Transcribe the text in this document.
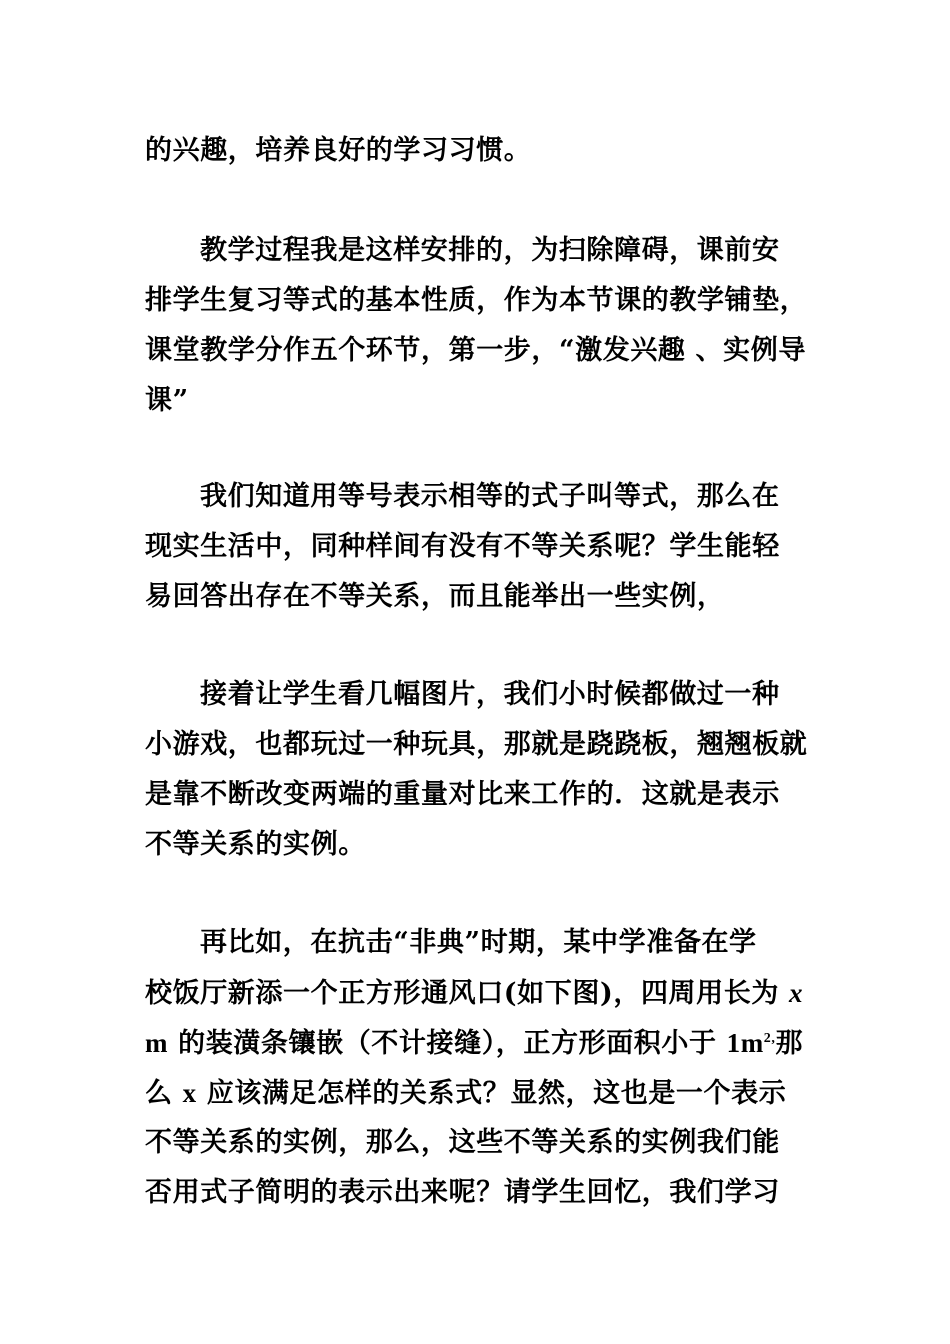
的兴趣，培养良好的学习习惯。
教学过程我是这样安排的，为扫除障碍，课前安
排学生复习等式的基本性质，作为本节课的教学铺垫，
课堂教学分作五个环节，第一步，“激发兴趣 、实例导
课”
我们知道用等号表示相等的式子叫等式，那么在
现实生活中，同种样间有没有不等关系呢？学生能轻
易回答出存在不等关系，而且能举出一些实例，
接着让学生看几幅图片，我们小时候都做过一种
小游戏，也都玩过一种玩具，那就是跷跷板，翘翘板就
是靠不断改变两端的重量对比来工作的．这就是表示
不等关系的实例。
再比如，在抗击“非典”时期，某中学准备在学
校饭厅新添一个正方形通风口(如下图)，四周用长为 x
m 的装潢条镶嵌（不计接缝），正方形面积小于 $1m^{2,}$那
么 x 应该满足怎样的关系式？显然，这也是一个表示
不等关系的实例，那么，这些不等关系的实例我们能
否用式子简明的表示出来呢？请学生回忆，我们学习
